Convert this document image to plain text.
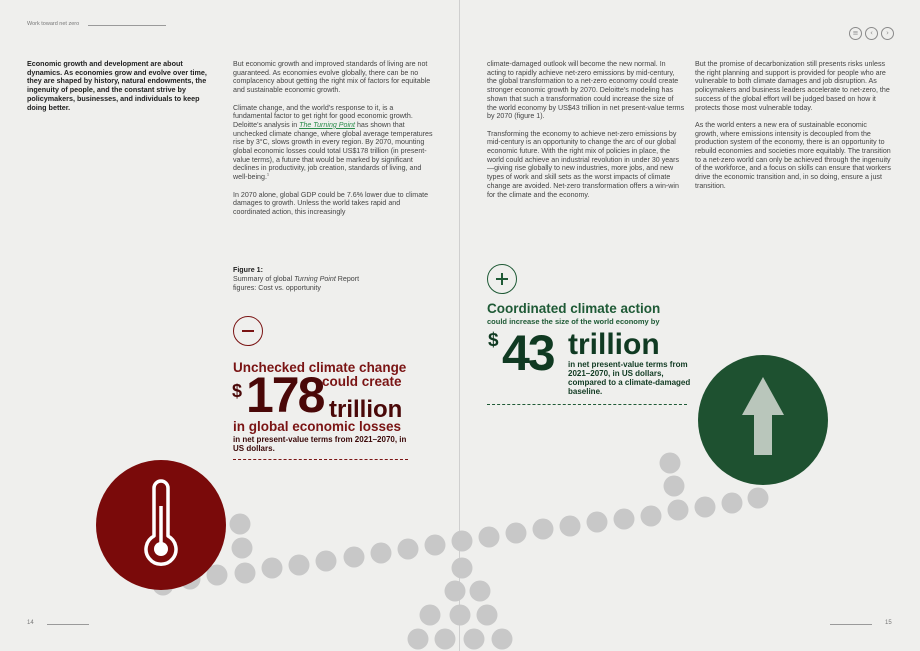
Work toward net zero
≡	‹	›
Economic growth and development are about dynamics. As economies grow and evolve over time, they are shaped by history, natural endowments, the ingenuity of people, and the constant strive by policymakers, businesses, and individuals to keep doing better.

But economic growth and improved standards of living are not guaranteed. As economies evolve globally, there can be no complacency about getting the right mix of factors for equitable and sustainable economic growth.

Climate change, and the world’s response to it, is a fundamental factor to get right for good economic growth. Deloitte’s analysis in The Turning Point has shown that unchecked climate change, where global average temperatures rise by 3°C, slows growth in every region. By 2070, mounting global economic losses could total US$178 trillion (in present-value terms), a future that would be marked by significant declines in productivity, job creation, standards of living, and well-being.$^1$

In 2070 alone, global GDP could be 7.6% lower due to climate damages to growth. Unless the world takes rapid and coordinated action, this increasingly

climate-damaged outlook will become the new normal. In acting to rapidly achieve net-zero emissions by mid-century, the global transformation to a net-zero economy could create stronger economic growth by 2070. Deloitte’s modeling has shown that such a transformation could increase the size of the world economy by US$43 trillion in net present-value terms by 2070 (figure 1).

Transforming the economy to achieve net-zero emissions by mid-century is an opportunity to change the arc of our global economic future. With the right mix of policies in place, the world could achieve an industrial revolution in under 30 years—giving rise globally to new industries, more jobs, and new types of work and skill sets as the worst impacts of climate change are avoided. Net-zero transformation offers a win-win for the climate and the economy.

But the promise of decarbonization still presents risks unless the right planning and support is provided for people who are vulnerable to both climate damages and job disruption. As policymakers and business leaders accelerate to net-zero, the success of the global effort will be judged based on how it protects those most vulnerable today.

As the world enters a new era of sustainable economic growth, where emissions intensity is decoupled from the production system of the economy, there is an opportunity to rebuild economies and societies more equitably. The transition to a net-zero world can only be achieved through the ingenuity of the workforce, and a focus on skills can ensure that workers drive the economic transition and, in so doing, ensure a just transition.

Figure 1:
Summary of global Turning Point Report figures: Cost vs. opportunity
Unchecked climate change
could create
$ 178 trillion
in global economic losses
in net present-value terms from 2021–2070, in US dollars.
Coordinated climate action
could increase the size of the world economy by
$ 43 trillion
in net present-value terms from 2021–2070, in US dollars, compared to a climate-damaged baseline.
14	15
